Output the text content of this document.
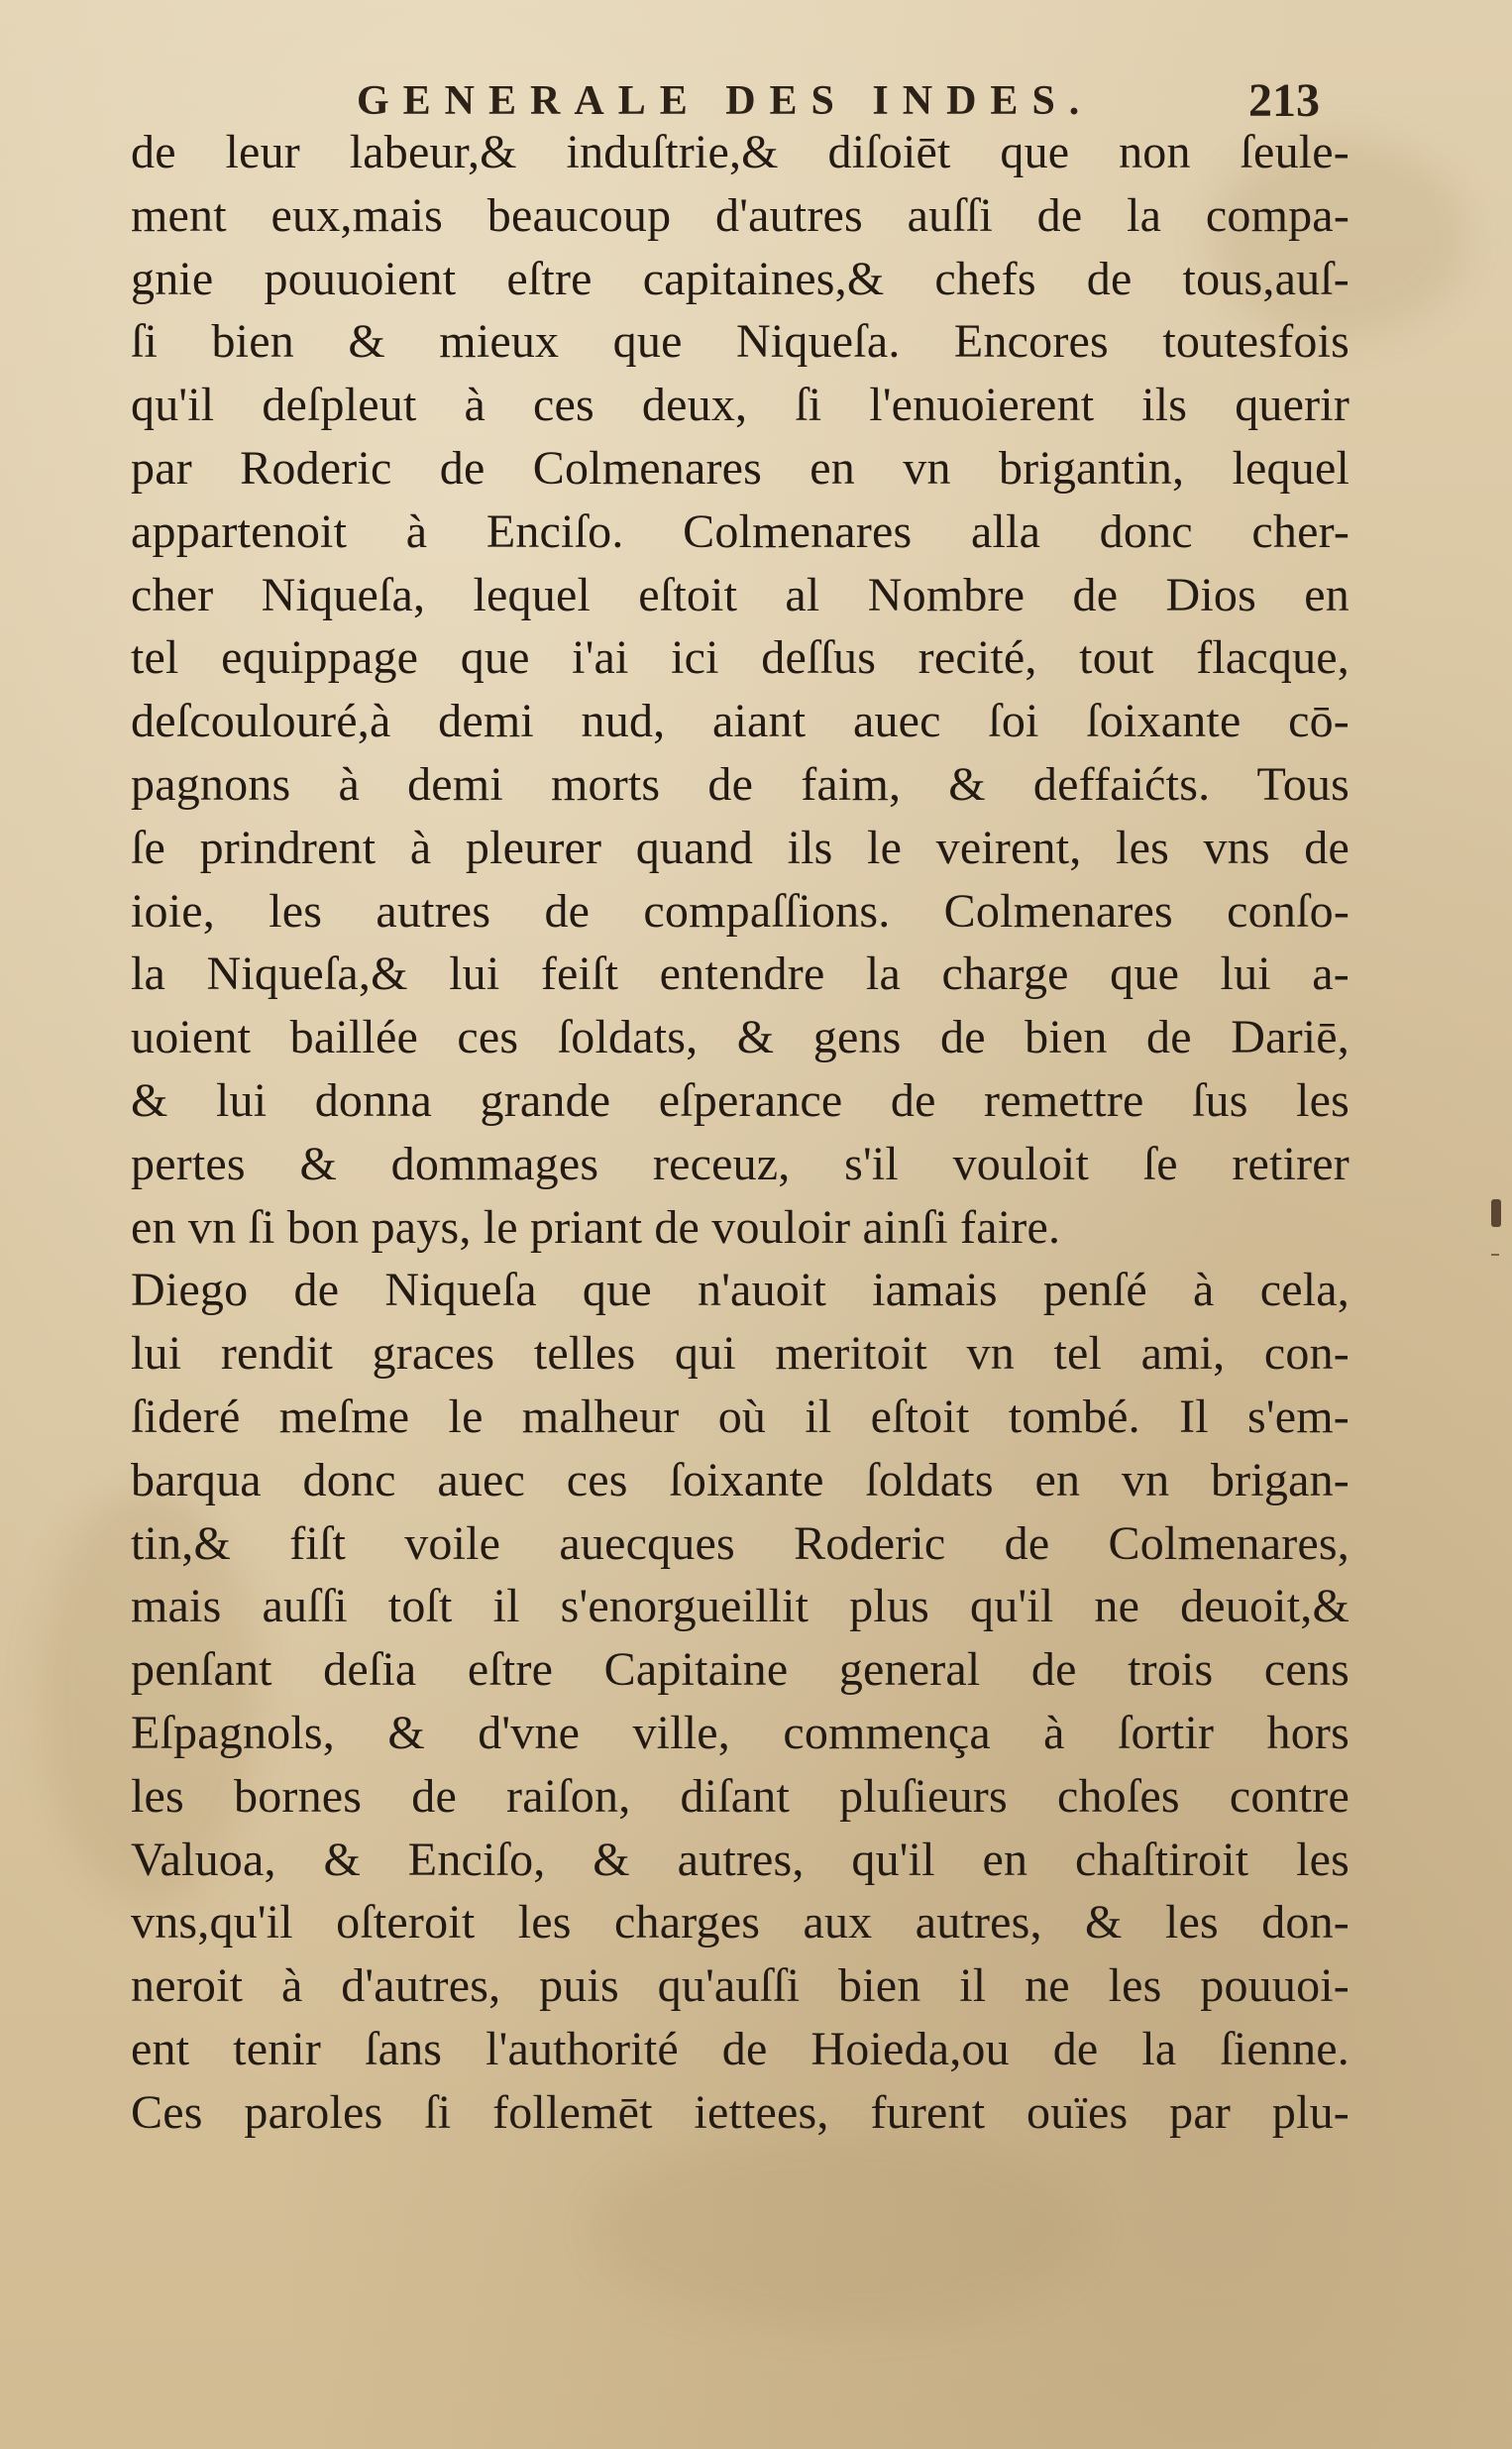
GENERALE DES INDES.	213
de leur labeur,& induſtrie,& diſoiēt que non ſeule-
ment eux,mais beaucoup d'autres auſſi de la compa-
gnie pouuoient eſtre capitaines,& chefs de tous,auſ-
ſi bien & mieux que Niqueſa. Encores toutesfois
qu'il deſpleut à ces deux, ſi l'enuoierent ils querir
par Roderic de Colmenares en vn brigantin, lequel
appartenoit à Enciſo. Colmenares alla donc cher-
cher Niqueſa, lequel eſtoit al Nombre de Dios en
tel equippage que i'ai ici deſſus recité, tout flacque,
deſcoulouré,à demi nud, aiant auec ſoi ſoixante cō-
pagnons à demi morts de faim, & deffaićts. Tous
ſe prindrent à pleurer quand ils le veirent, les vns de
ioie, les autres de compaſſions. Colmenares conſo-
la Niqueſa,& lui feiſt entendre la charge que lui a-
uoient baillée ces ſoldats, & gens de bien de Dariē,
& lui donna grande eſperance de remettre ſus les
pertes & dommages receuz, s'il vouloit ſe retirer
en vn ſi bon pays, le priant de vouloir ainſi faire.
Diego de Niqueſa que n'auoit iamais penſé à cela,
lui rendit graces telles qui meritoit vn tel ami, con-
ſideré meſme le malheur où il eſtoit tombé. Il s'em-
barqua donc auec ces ſoixante ſoldats en vn brigan-
tin,& fiſt voile auecques Roderic de Colmenares,
mais auſſi toſt il s'enorgueillit plus qu'il ne deuoit,&
penſant deſia eſtre Capitaine general de trois cens
Eſpagnols, & d'vne ville, commença à ſortir hors
les bornes de raiſon, diſant pluſieurs choſes contre
Valuoa, & Enciſo, & autres, qu'il en chaſtiroit les
vns,qu'il oſteroit les charges aux autres, & les don-
neroit à d'autres, puis qu'auſſi bien il ne les pouuoi-
ent tenir ſans l'authorité de Hoieda,ou de la ſienne.
Ces paroles ſi follemēt iettees, furent ouïes par plu-
